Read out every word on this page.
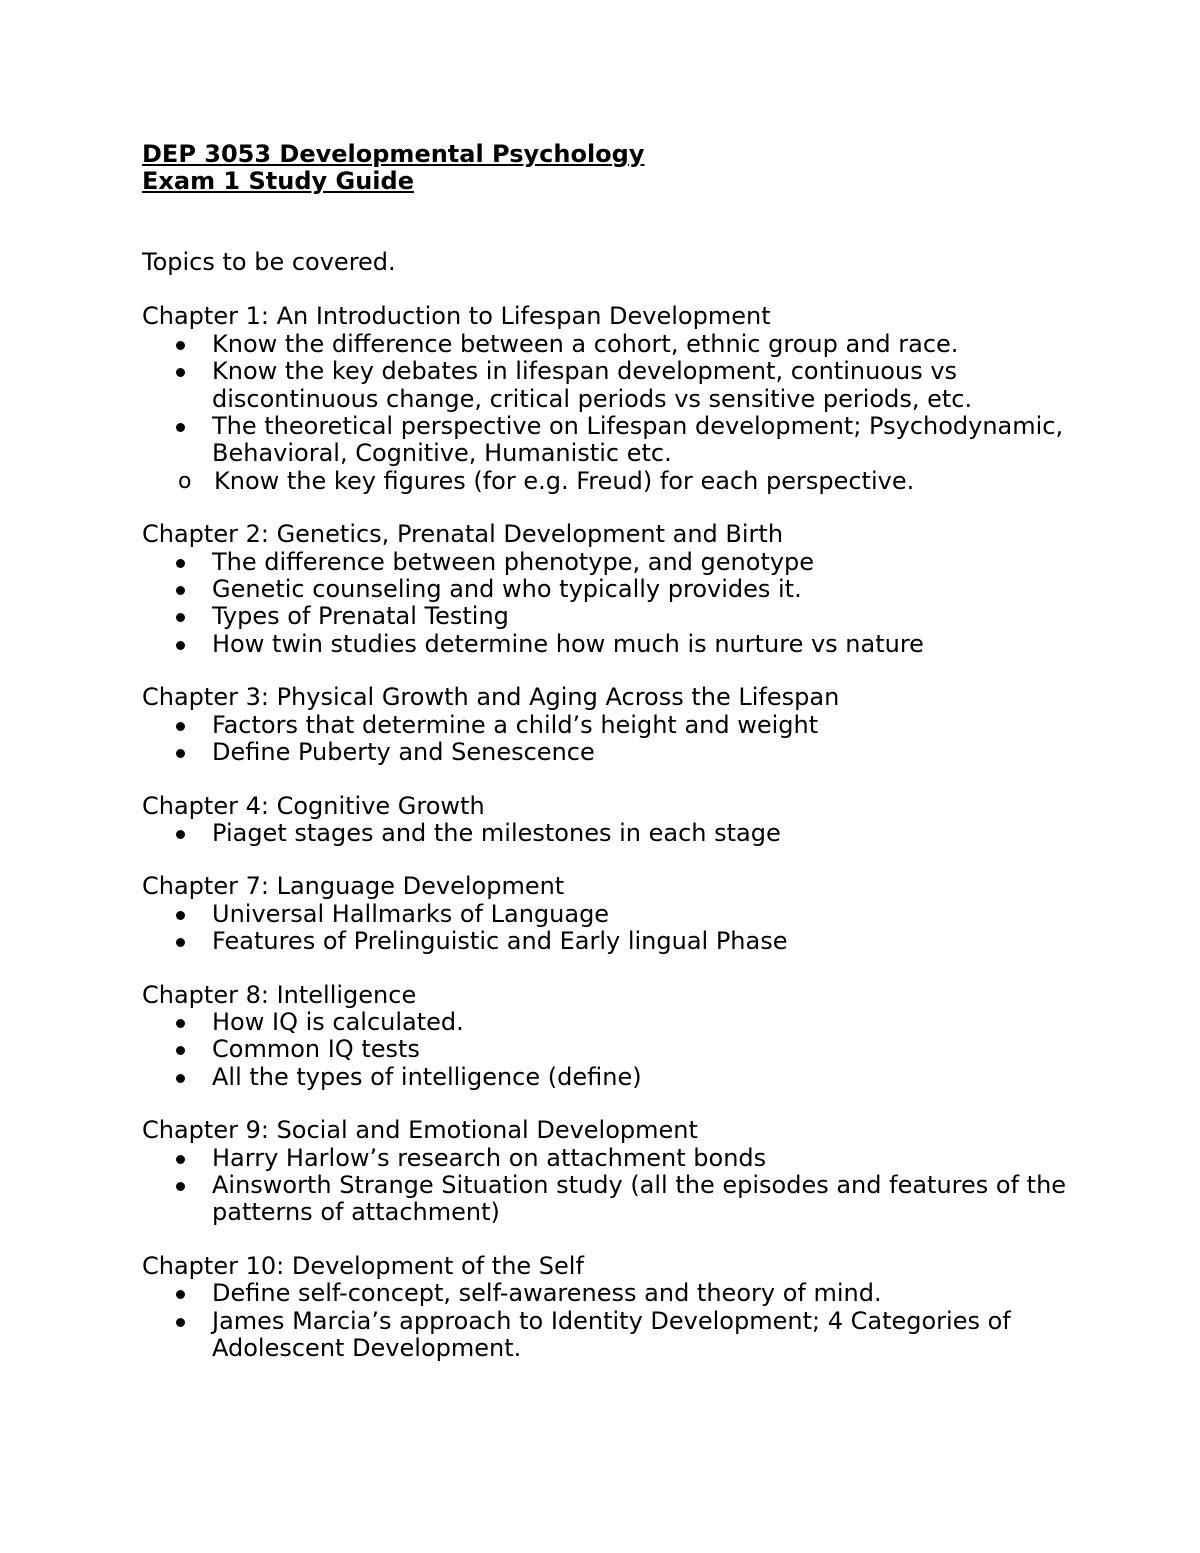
DEP 3053 Developmental Psychology

Exam 1 Study Guide

Topics to be covered.

Chapter 1: An Introduction to Lifespan Development

Know the difference between a cohort, ethnic group and race.
Know the key debates in lifespan development, continuous vs discontinuous change, critical periods vs sensitive periods, etc.
The theoretical perspective on Lifespan development; Psychodynamic, Behavioral, Cognitive, Humanistic etc.
o Know the key figures (for e.g. Freud) for each perspective.

Chapter 2: Genetics, Prenatal Development and Birth

The difference between phenotype, and genotype
Genetic counseling and who typically provides it.
Types of Prenatal Testing
How twin studies determine how much is nurture vs nature

Chapter 3: Physical Growth and Aging Across the Lifespan

Factors that determine a child’s height and weight
Define Puberty and Senescence

Chapter 4: Cognitive Growth

Piaget stages and the milestones in each stage

Chapter 7: Language Development

Universal Hallmarks of Language
Features of Prelinguistic and Early lingual Phase

Chapter 8: Intelligence

How IQ is calculated.
Common IQ tests
All the types of intelligence (define)

Chapter 9: Social and Emotional Development

Harry Harlow’s research on attachment bonds
Ainsworth Strange Situation study (all the episodes and features of the patterns of attachment)

Chapter 10: Development of the Self

Define self-concept, self-awareness and theory of mind.
James Marcia’s approach to Identity Development; 4 Categories of Adolescent Development.
